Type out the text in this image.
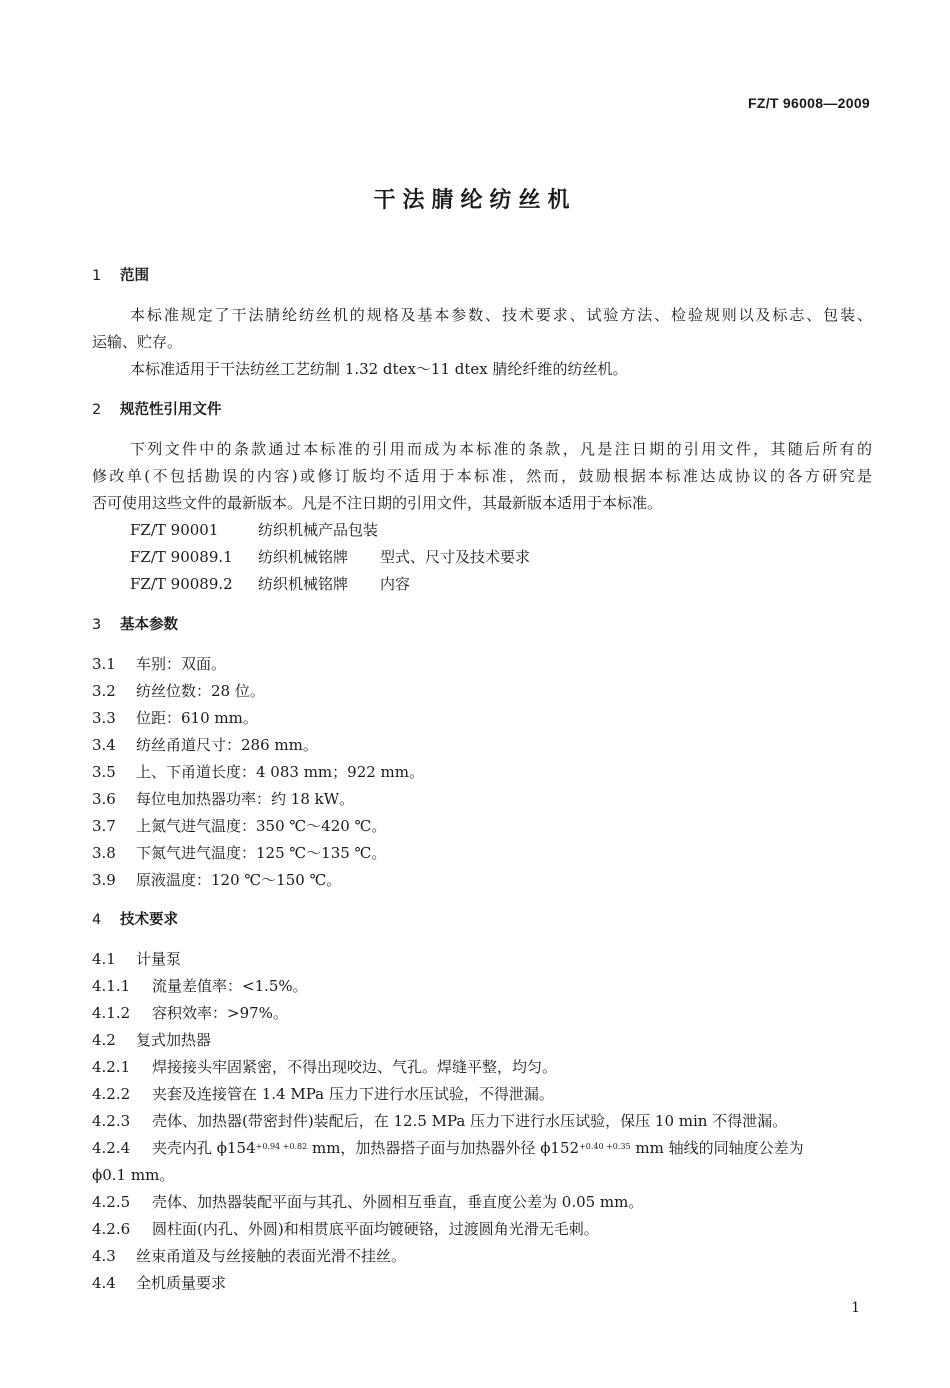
FZ/T 96008—2009
干法腈纶纺丝机
1 范围
本标准规定了干法腈纶纺丝机的规格及基本参数、技术要求、试验方法、检验规则以及标志、包装、
运输、贮存。
本标准适用于干法纺丝工艺纺制 1.32 dtex～11 dtex 腈纶纤维的纺丝机。
2 规范性引用文件
下列文件中的条款通过本标准的引用而成为本标准的条款，凡是注日期的引用文件，其随后所有的
修改单(不包括勘误的内容)或修订版均不适用于本标准，然而，鼓励根据本标准达成协议的各方研究是
否可使用这些文件的最新版本。凡是不注日期的引用文件，其最新版本适用于本标准。
FZ/T 90001	纺织机械产品包装
FZ/T 90089.1 纺织机械铭牌 型式、尺寸及技术要求
FZ/T 90089.2 纺织机械铭牌 内容
3 基本参数
3.1 车别：双面。
3.2 纺丝位数：28 位。
3.3 位距：610 mm。
3.4 纺丝甬道尺寸：286 mm。
3.5 上、下甬道长度：4 083 mm；922 mm。
3.6 每位电加热器功率：约 18 kW。
3.7 上氮气进气温度：350 ℃～420 ℃。
3.8 下氮气进气温度：125 ℃～135 ℃。
3.9 原液温度：120 ℃～150 ℃。
4 技术要求
4.1 计量泵
4.1.1 流量差值率：<1.5%。
4.1.2 容积效率：>97%。
4.2 复式加热器
4.2.1 焊接接头牢固紧密，不得出现咬边、气孔。焊缝平整，均匀。
4.2.2 夹套及连接管在 1.4 MPa 压力下进行水压试验，不得泄漏。
4.2.3 壳体、加热器(带密封件)装配后，在 12.5 MPa 压力下进行水压试验，保压 10 min 不得泄漏。
4.2.4 夹壳内孔 $\phi 154^{+0.94 +0.82}$ mm，加热器搭子面与加热器外径 $\phi 152^{+0.40 +0.35}$ mm 轴线的同轴度公差为
ϕ0.1 mm。
4.2.5 壳体、加热器装配平面与其孔、外圆相互垂直，垂直度公差为 0.05 mm。
4.2.6 圆柱面(内孔、外圆)和相贯底平面均镀硬铬，过渡圆角光滑无毛刺。
4.3 丝束甬道及与丝接触的表面光滑不挂丝。
4.4 全机质量要求
1
